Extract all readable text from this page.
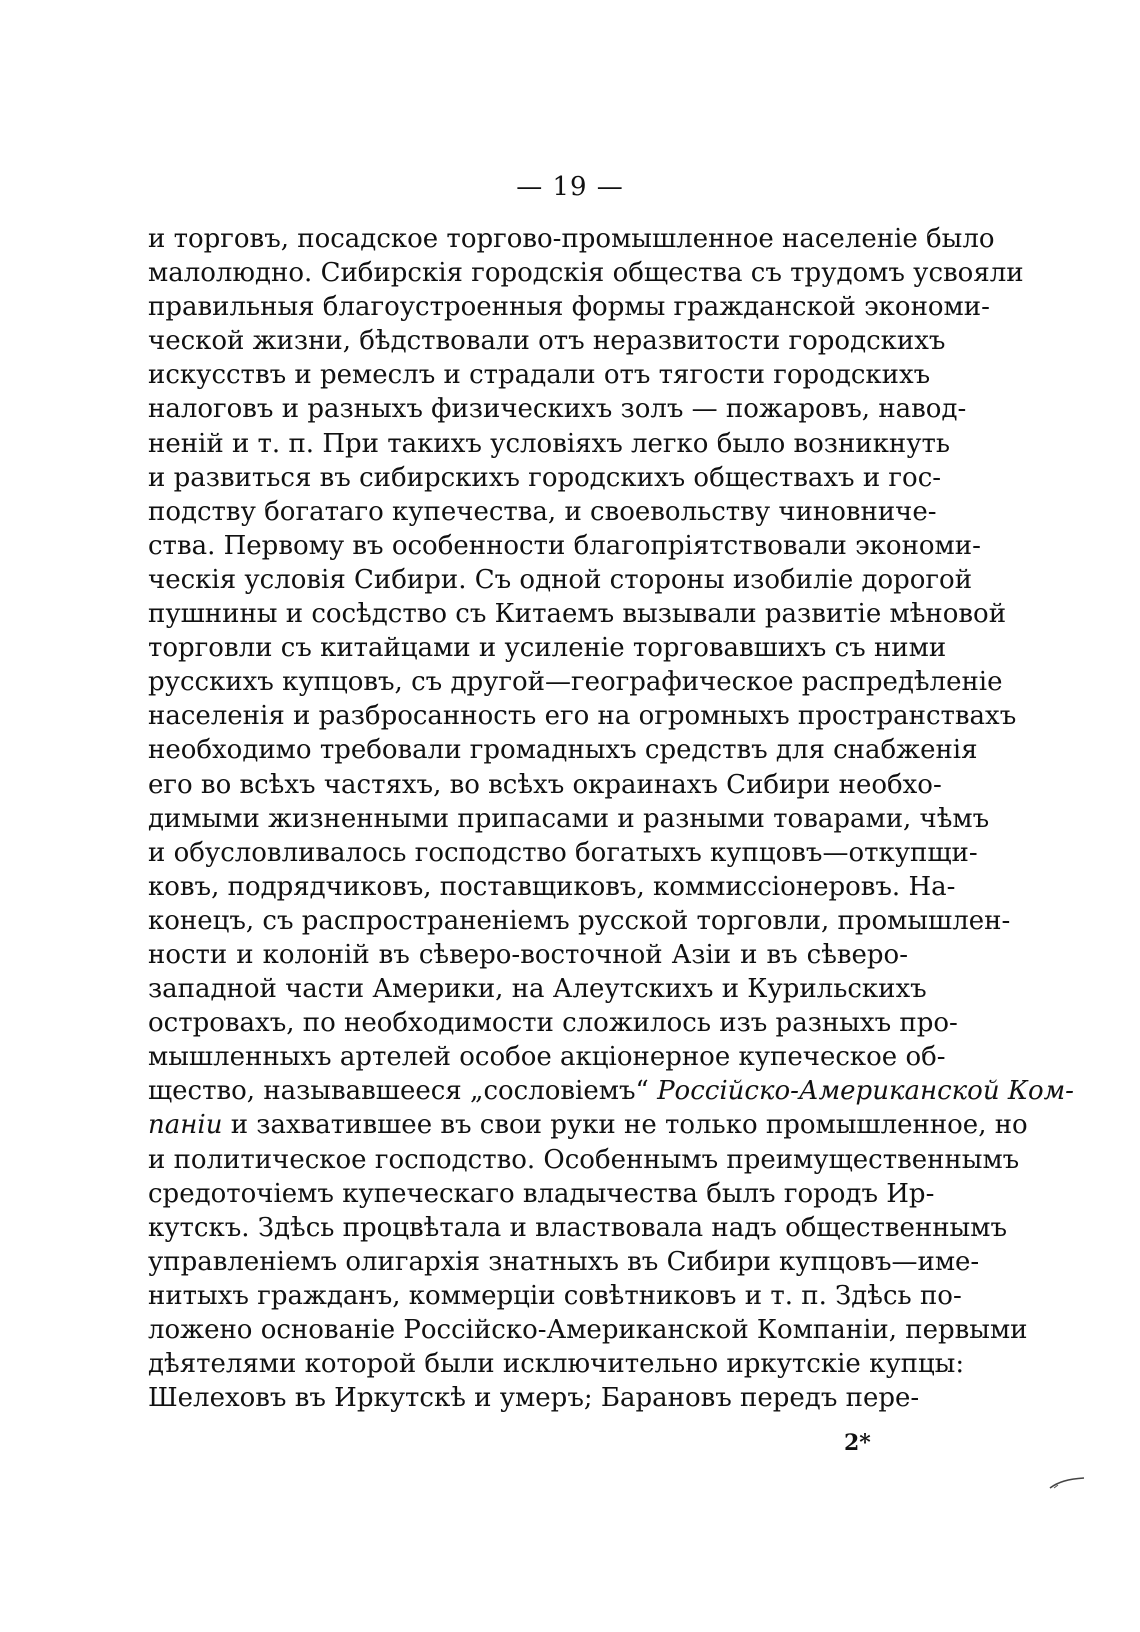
— 19 —
и торговъ, посадское торгово-промышленное населеніе было
малолюдно. Сибирскія городскія общества съ трудомъ усвояли
правильныя благоустроенныя формы гражданской экономи-
ческой жизни, бѣдствовали отъ неразвитости городскихъ
искусствъ и ремеслъ и страдали отъ тягости городскихъ
налоговъ и разныхъ физическихъ золъ — пожаровъ, навод-
неній и т. п. При такихъ условіяхъ легко было возникнуть
и развиться въ сибирскихъ городскихъ обществахъ и гос-
подству богатаго купечества, и своевольству чиновниче-
ства. Первому въ особенности благопріятствовали экономи-
ческія условія Сибири. Съ одной стороны изобиліе дорогой
пушнины и сосѣдство съ Китаемъ вызывали развитіе мѣновой
торговли съ китайцами и усиленіе торговавшихъ съ ними
русскихъ купцовъ, съ другой—географическое распредѣленіе
населенія и разбросанность его на огромныхъ пространствахъ
необходимо требовали громадныхъ средствъ для снабженія
его во всѣхъ частяхъ, во всѣхъ окраинахъ Сибири необхо-
димыми жизненными припасами и разными товарами, чѣмъ
и обусловливалось господство богатыхъ купцовъ—откупщи-
ковъ, подрядчиковъ, поставщиковъ, коммиссіонеровъ. На-
конецъ, съ распространеніемъ русской торговли, промышлен-
ности и колоній въ сѣверо-восточной Азіи и въ сѣверо-
западной части Америки, на Алеутскихъ и Курильскихъ
островахъ, по необходимости сложилось изъ разныхъ про-
мышленныхъ артелей особое акціонерное купеческое об-
щество, называвшееся „сословіемъ“ Россійско-Американской Ком-
паніи и захватившее въ свои руки не только промышленное, но
и политическое господство. Особеннымъ преимущественнымъ
средоточіемъ купеческаго владычества былъ городъ Ир-
кутскъ. Здѣсь процвѣтала и властвовала надъ общественнымъ
управленіемъ олигархія знатныхъ въ Сибири купцовъ—име-
нитыхъ гражданъ, коммерціи совѣтниковъ и т. п. Здѣсь по-
ложено основаніе Россійско-Американской Компаніи, первыми
дѣятелями которой были исключительно иркутскіе купцы:
Шелеховъ въ Иркутскѣ и умеръ; Барановъ передъ пере-
2*
